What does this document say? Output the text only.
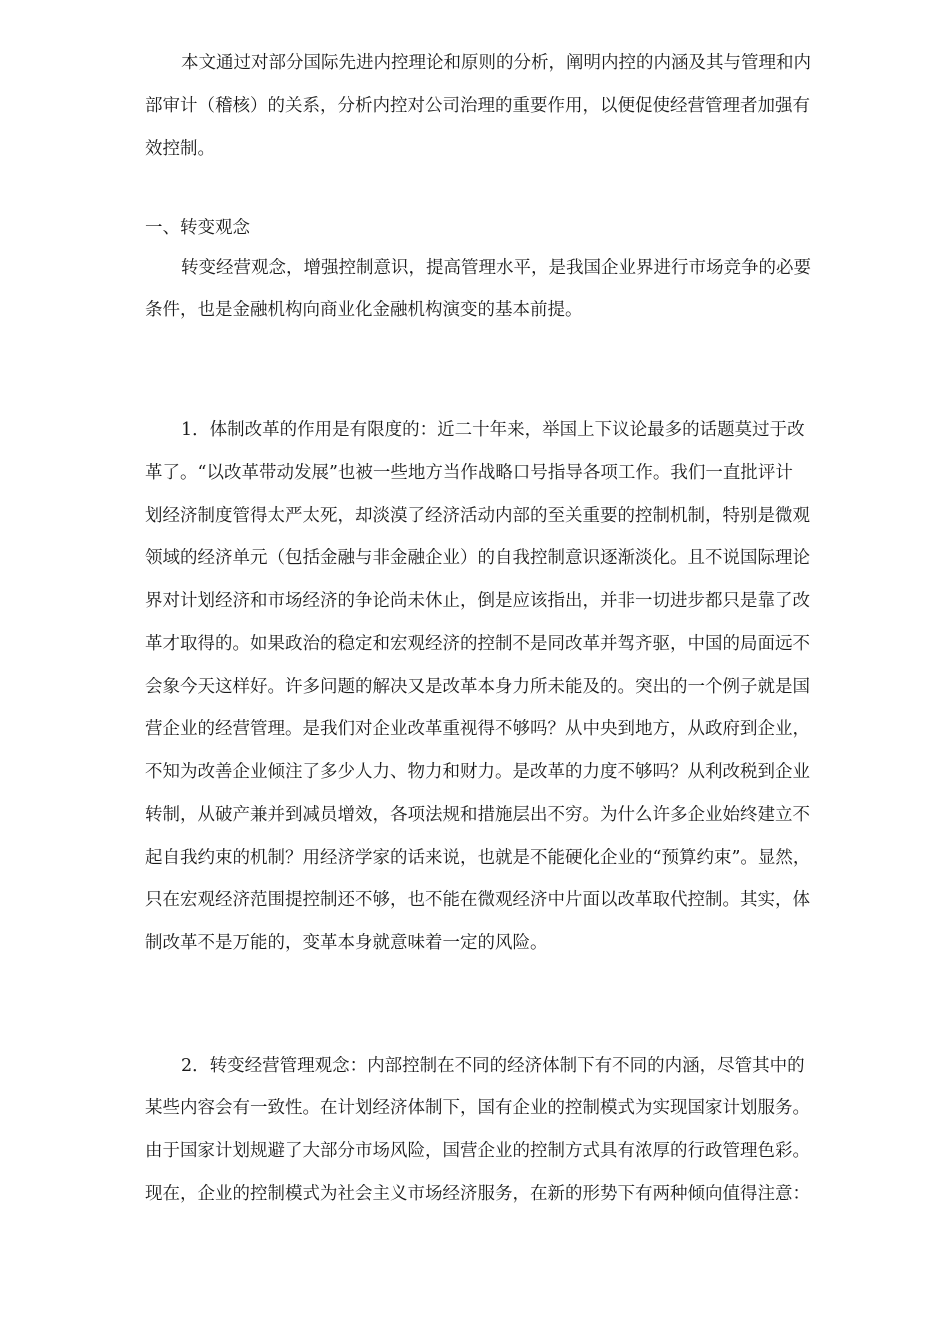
本文通过对部分国际先进内控理论和原则的分析，阐明内控的内涵及其与管理和内
部审计（稽核）的关系，分析内控对公司治理的重要作用，以便促使经营管理者加强有
效控制。
一、转变观念
转变经营观念，增强控制意识，提高管理水平，是我国企业界进行市场竞争的必要
条件，也是金融机构向商业化金融机构演变的基本前提。
1．体制改革的作用是有限度的：近二十年来，举国上下议论最多的话题莫过于改
革了。“以改革带动发展”也被一些地方当作战略口号指导各项工作。我们一直批评计
划经济制度管得太严太死，却淡漠了经济活动内部的至关重要的控制机制，特别是微观
领域的经济单元（包括金融与非金融企业）的自我控制意识逐渐淡化。且不说国际理论
界对计划经济和市场经济的争论尚未休止，倒是应该指出，并非一切进步都只是靠了改
革才取得的。如果政治的稳定和宏观经济的控制不是同改革并驾齐驱，中国的局面远不
会象今天这样好。许多问题的解决又是改革本身力所未能及的。突出的一个例子就是国
营企业的经营管理。是我们对企业改革重视得不够吗？从中央到地方，从政府到企业，
不知为改善企业倾注了多少人力、物力和财力。是改革的力度不够吗？从利改税到企业
转制，从破产兼并到减员增效，各项法规和措施层出不穷。为什么许多企业始终建立不
起自我约束的机制？用经济学家的话来说，也就是不能硬化企业的“预算约束”。显然，
只在宏观经济范围提控制还不够，也不能在微观经济中片面以改革取代控制。其实，体
制改革不是万能的，变革本身就意味着一定的风险。
2．转变经营管理观念：内部控制在不同的经济体制下有不同的内涵，尽管其中的
某些内容会有一致性。在计划经济体制下，国有企业的控制模式为实现国家计划服务。
由于国家计划规避了大部分市场风险，国营企业的控制方式具有浓厚的行政管理色彩。
现在，企业的控制模式为社会主义市场经济服务，在新的形势下有两种倾向值得注意：
